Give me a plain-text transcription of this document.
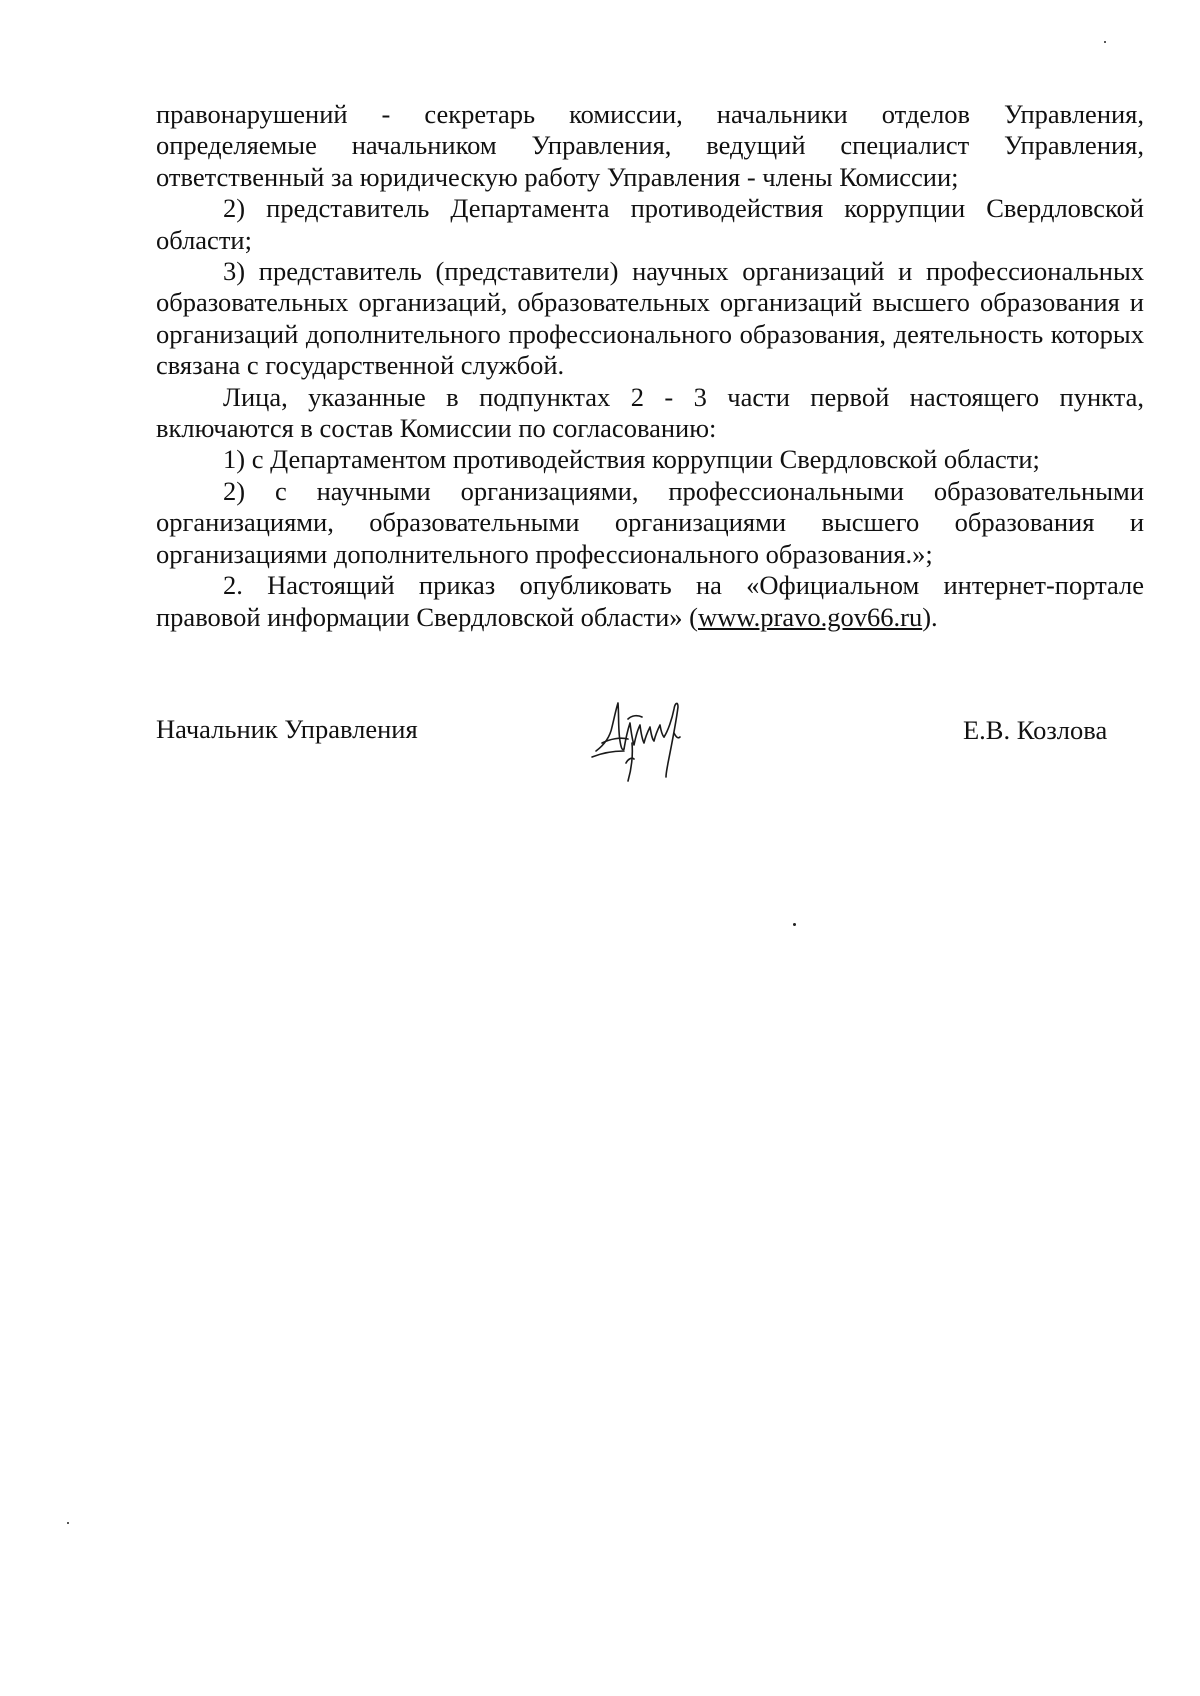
правонарушений - секретарь комиссии, начальники отделов Управления, определяемые начальником Управления, ведущий специалист Управления, ответственный за юридическую работу Управления - члены Комиссии;

2) представитель Департамента противодействия коррупции Свердловской области;

3) представитель (представители) научных организаций и профессиональных образовательных организаций, образовательных организаций высшего образования и организаций дополнительного профессионального образования, деятельность которых связана с государственной службой.

Лица, указанные в подпунктах 2 - 3 части первой настоящего пункта, включаются в состав Комиссии по согласованию:

1) с Департаментом противодействия коррупции Свердловской области;

2) с научными организациями, профессиональными образовательными организациями, образовательными организациями высшего образования и организациями дополнительного профессионального образования.»;

2. Настоящий приказ опубликовать на «Официальном интернет-портале правовой информации Свердловской области» (www.pravo.gov66.ru).

Начальник Управления	Е.В. Козлова
